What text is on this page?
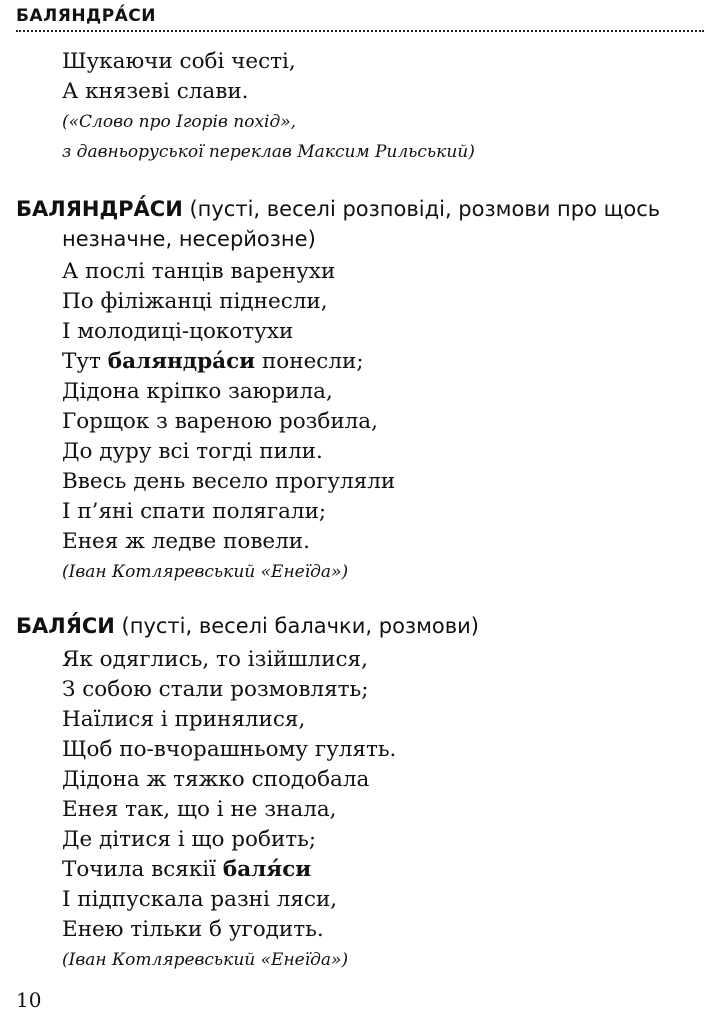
БАЛЯНДРА́СИ
Шукаючи собі честі,
А князеві слави.
(«Слово про Ігорів похід»,
з давньоруської переклав Максим Рильський)
БАЛЯНДРА́СИ (пусті, веселі розповіді, розмови про щось
незначне, несерйозне)
А послі танців варенухи
По філіжанці піднесли,
І молодиці-цокотухи
Тут баляндра́си понесли;
Дідона кріпко заюрила,
Горщок з вареною розбила,
До дуру всі тогді пили.
Ввесь день весело прогуляли
І п’яні спати полягали;
Енея ж ледве повели.
(Іван Котляревський «Енеїда»)
БАЛЯ́СИ (пусті, веселі балачки, розмови)
Як одяглись, то ізійшлися,
З собою стали розмовлять;
Наїлися і принялися,
Щоб по-вчорашньому гулять.
Дідона ж тяжко сподобала
Енея так, що і не знала,
Де дітися і що робить;
Точила всякії баля́си
І підпускала разні ляси,
Енею тільки б угодить.
(Іван Котляревський «Енеїда»)
10
